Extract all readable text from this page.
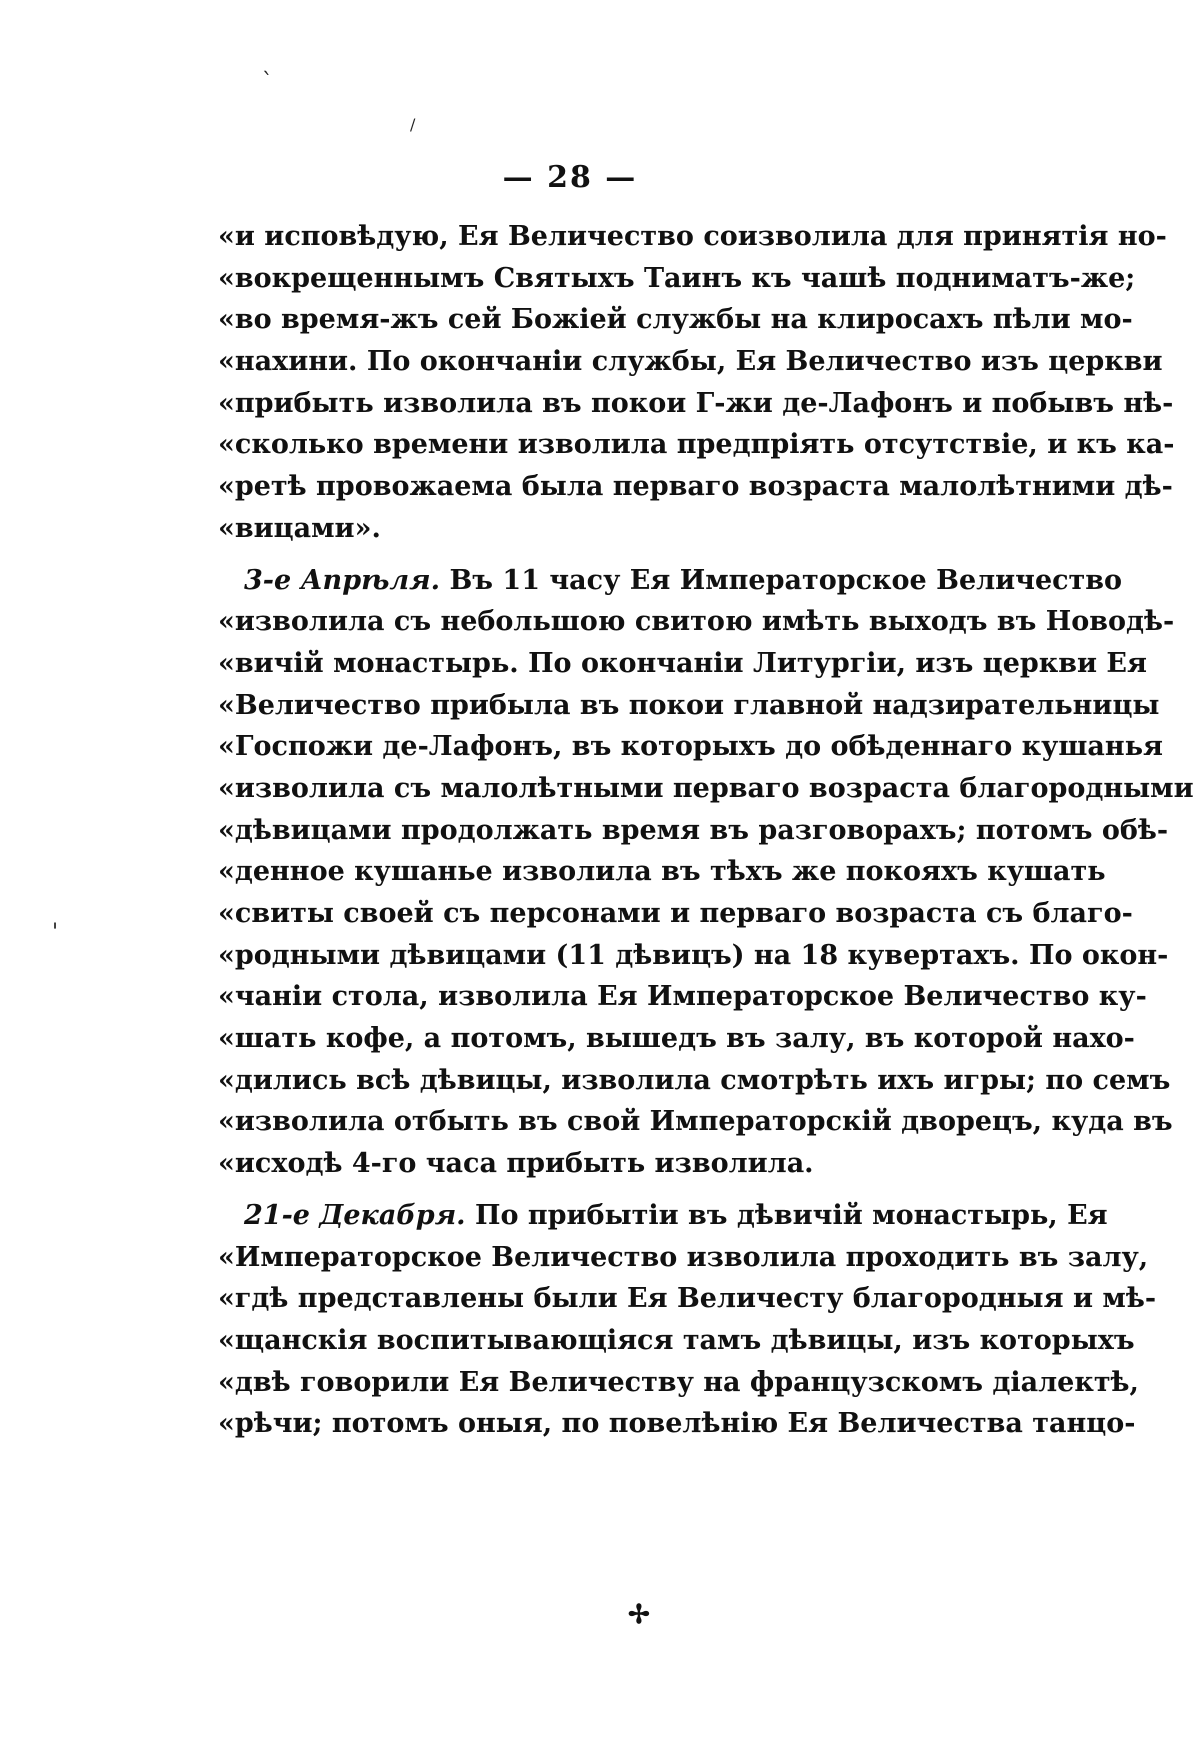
`
/
'
— 28 —
«и исповѣдую, Ея Величество соизволила для принятія но-
«вокрещеннымъ Святыхъ Таинъ къ чашѣ подниматъ-же;
«во время-жъ сей Божіей службы на клиросахъ пѣли мо-
«нахини. По окончаніи службы, Ея Величество изъ церкви
«прибыть изволила въ покои Г-жи де-Лафонъ и побывъ нѣ-
«сколько времени изволила предпріять отсутствіе, и къ ка-
«ретѣ провожаема была перваго возраста малолѣтними дѣ-
«вицами».
3-е Апрѣля. Въ 11 часу Ея Императорское Величество
«изволила съ небольшою свитою имѣть выходъ въ Новодѣ-
«вичій монастырь. По окончаніи Литургіи, изъ церкви Ея
«Величество прибыла въ покои главной надзирательницы
«Госпожи де-Лафонъ, въ которыхъ до обѣденнаго кушанья
«изволила съ малолѣтными перваго возраста благородными
«дѣвицами продолжать время въ разговорахъ; потомъ обѣ-
«денное кушанье изволила въ тѣхъ же покояхъ кушать
«свиты своей съ персонами и перваго возраста съ благо-
«родными дѣвицами (11 дѣвицъ) на 18 кувертахъ. По окон-
«чаніи стола, изволила Ея Императорское Величество ку-
«шать кофе, а потомъ, вышедъ въ залу, въ которой нахо-
«дились всѣ дѣвицы, изволила смотрѣть ихъ игры; по семъ
«изволила отбыть въ свой Императорскій дворецъ, куда въ
«исходѣ 4-го часа прибыть изволила.
21-е Декабря. По прибытіи въ дѣвичій монастырь, Ея
«Императорское Величество изволила проходить въ залу,
«гдѣ представлены были Ея Величесту благородныя и мѣ-
«щанскія воспитывающіяся тамъ дѣвицы, изъ которыхъ
«двѣ говорили Ея Величеству на французскомъ діалектѣ,
«рѣчи; потомъ оныя, по повелѣнію Ея Величества танцо-
✢
